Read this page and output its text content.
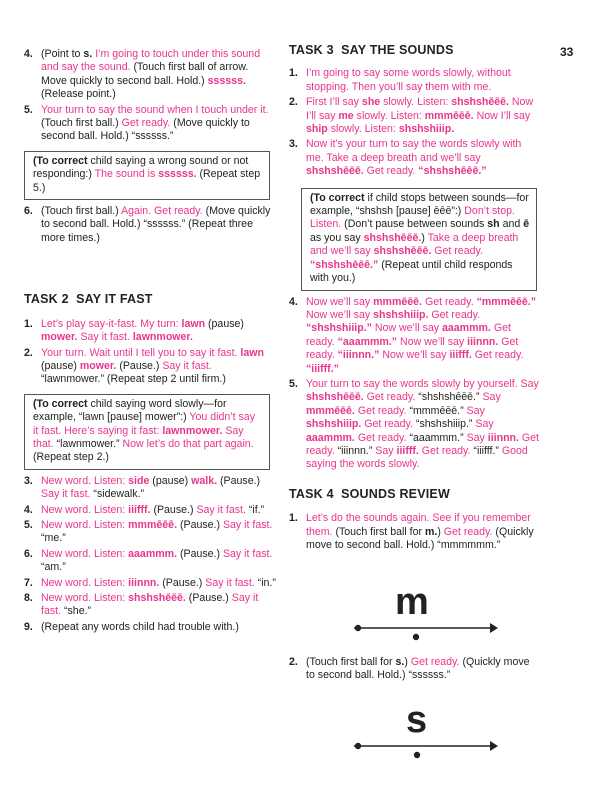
33
4. (Point to s. I’m going to touch under this sound and say the sound. (Touch first ball of arrow. Move quickly to second ball. Hold.) ssssss. (Release point.)
5. Your turn to say the sound when I touch under it. (Touch first ball.) Get ready. (Move quickly to second ball. Hold.) “ssssss.”
(To correct child saying a wrong sound or not responding:) The sound is ssssss. (Repeat step 5.)
6. (Touch first ball.) Again. Get ready. (Move quickly to second ball. Hold.) “ssssss.” (Repeat three more times.)
TASK 2 SAY IT FAST
1. Let’s play say-it-fast. My turn: lawn (pause) mower. Say it fast. lawnmower.
2. Your turn. Wait until I tell you to say it fast. lawn (pause) mower. (Pause.) Say it fast. “lawnmower.” (Repeat step 2 until firm.)
(To correct child saying word slowly—for example, “lawn [pause] mower”:) You didn’t say it fast. Here’s saying it fast: lawnmower. Say that. “lawnmower.” Now let’s do that part again. (Repeat step 2.)
3. New word. Listen: side (pause) walk. (Pause.) Say it fast. “sidewalk.”
4. New word. Listen: iiifff. (Pause.) Say it fast. “if.”
5. New word. Listen: mmmēēē. (Pause.) Say it fast. “me.”
6. New word. Listen: aaammm. (Pause.) Say it fast. “am.”
7. New word. Listen: iiinnn. (Pause.) Say it fast. “in.”
8. New word. Listen: shshshēēē. (Pause.) Say it fast. “she.”
9. (Repeat any words child had trouble with.)
TASK 3 SAY THE SOUNDS
1. I’m going to say some words slowly, without stopping. Then you’ll say them with me.
2. First I’ll say she slowly. Listen: shshshēēē. Now I’ll say me slowly. Listen: mmmēēē. Now I’ll say ship slowly. Listen: shshshiiip.
3. Now it’s your turn to say the words slowly with me. Take a deep breath and we’ll say shshshēēē. Get ready. “shshshēēē.”
(To correct if child stops between sounds—for example, “shshsh [pause] ēēē”:) Don’t stop. Listen. (Don’t pause between sounds sh and ē as you say shshshēēē.) Take a deep breath and we’ll say shshshēēē. Get ready. “shshshēēē.” (Repeat until child responds with you.)
4. Now we’ll say mmmēēē. Get ready. “mmmēēē.” Now we’ll say shshshiiip. Get ready. “shshshiiip.” Now we’ll say aaammm. Get ready. “aaammm.” Now we’ll say iiinnn. Get ready. “iiinnn.” Now we’ll say iiifff. Get ready. “iiifff.”
5. Your turn to say the words slowly by yourself. Say shshshēēē. Get ready. “shshshēēē.” Say mmmēēē. Get ready. “mmmēēē.” Say shshshiiip. Get ready. “shshshiiip.” Say aaammm. Get ready. “aaammm.” Say iiinnn. Get ready. “iiinnn.” Say iiifff. Get ready. “iiifff.” Good saying the words slowly.
TASK 4 SOUNDS REVIEW
1. Let’s do the sounds again. See if you remember them. (Touch first ball for m.) Get ready. (Quickly move to second ball. Hold.) “mmmmmm.”
m
2. (Touch first ball for s.) Get ready. (Quickly move to second ball. Hold.) “ssssss.”
s
